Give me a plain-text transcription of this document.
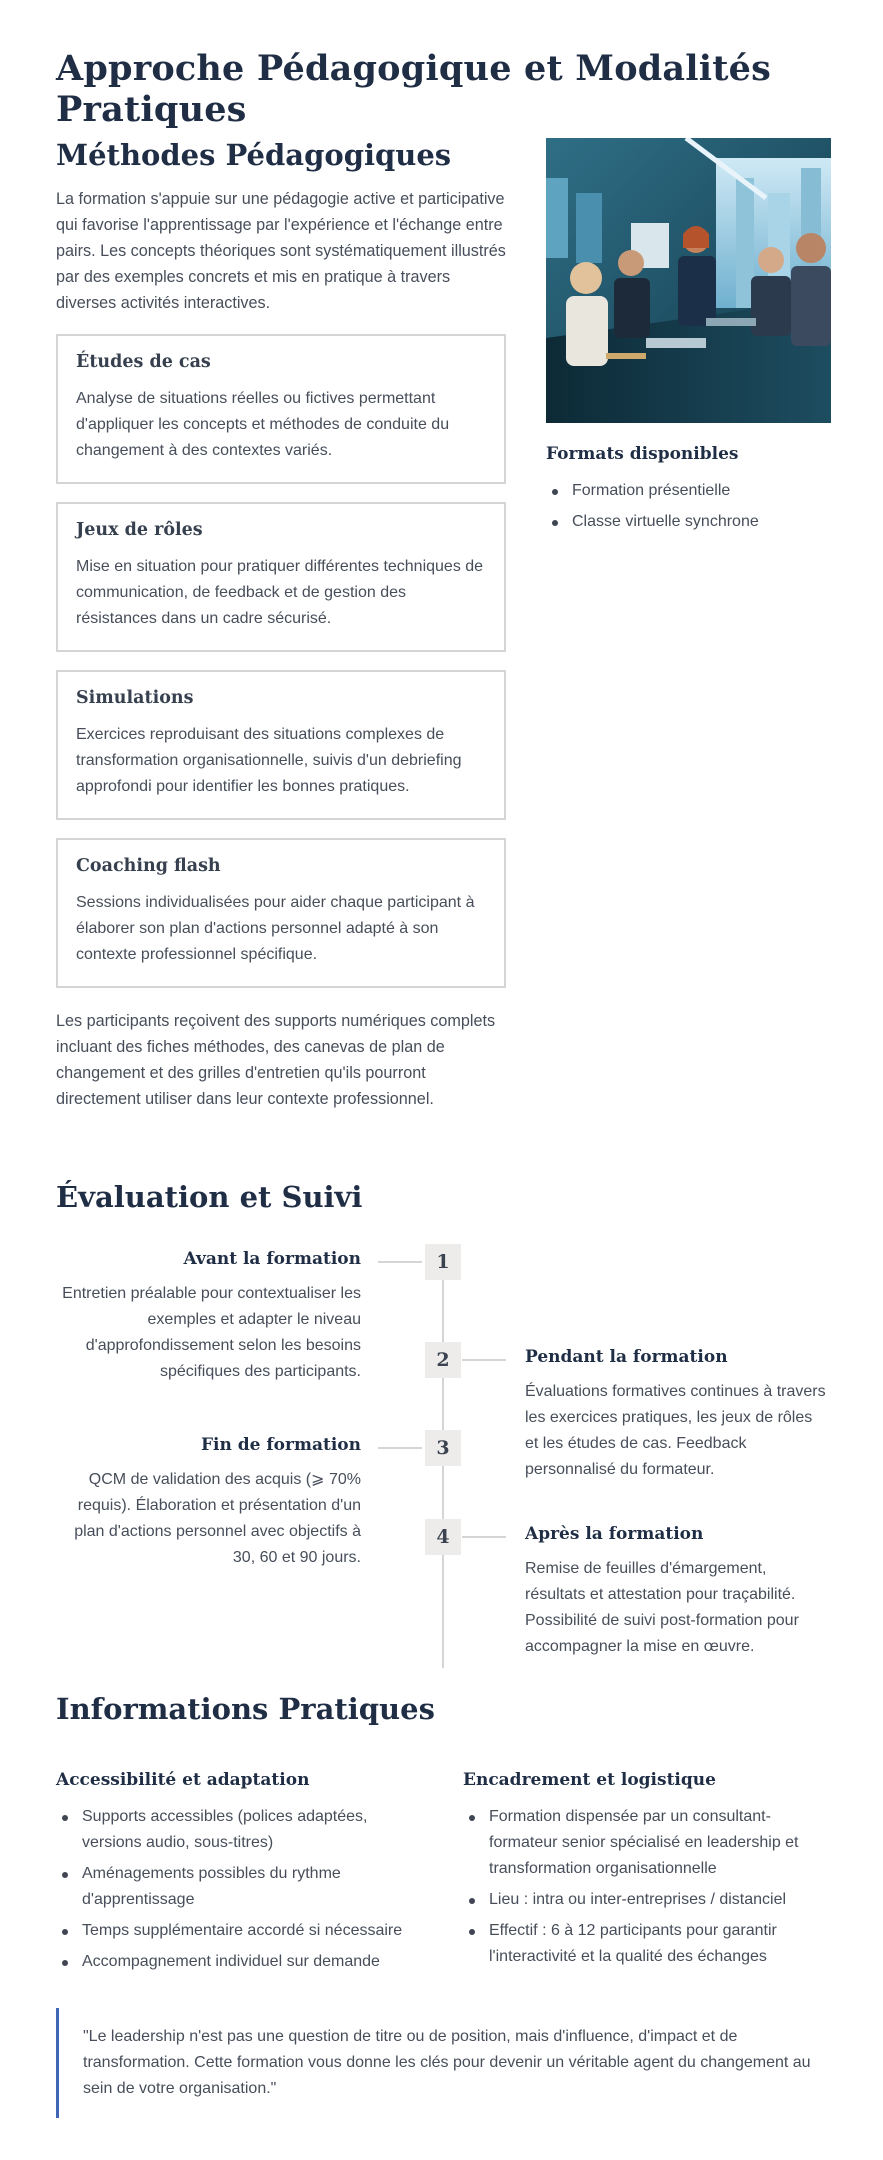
Approche Pédagogique et Modalités Pratiques
Méthodes Pédagogiques

La formation s'appuie sur une pédagogie active et participative qui favorise l'apprentissage par l'expérience et l'échange entre pairs. Les concepts théoriques sont systématiquement illustrés par des exemples concrets et mis en pratique à travers diverses activités interactives.

Études de cas

Analyse de situations réelles ou fictives permettant d'appliquer les concepts et méthodes de conduite du changement à des contextes variés.

Jeux de rôles

Mise en situation pour pratiquer différentes techniques de communication, de feedback et de gestion des résistances dans un cadre sécurisé.

Simulations

Exercices reproduisant des situations complexes de transformation organisationnelle, suivis d'un debriefing approfondi pour identifier les bonnes pratiques.

Coaching flash

Sessions individualisées pour aider chaque participant à élaborer son plan d'actions personnel adapté à son contexte professionnel spécifique.

Les participants reçoivent des supports numériques complets incluant des fiches méthodes, des canevas de plan de changement et des grilles d'entretien qu'ils pourront directement utiliser dans leur contexte professionnel.

Formats disponibles
Formation présentielle
Classe virtuelle synchrone
Évaluation et Suivi
1
Avant la formation

Entretien préalable pour contextualiser les exemples et adapter le niveau d'approfondissement selon les besoins spécifiques des participants.

2	Pendant la formation

Évaluations formatives continues à travers les exercices pratiques, les jeux de rôles et les études de cas. Feedback personnalisé du formateur.

3
Fin de formation

QCM de validation des acquis (⩾ 70% requis). Élaboration et présentation d'un plan d'actions personnel avec objectifs à 30, 60 et 90 jours.

4	Après la formation

Remise de feuilles d'émargement, résultats et attestation pour traçabilité. Possibilité de suivi post-formation pour accompagner la mise en œuvre.

Informations Pratiques
Accessibilité et adaptation
Supports accessibles (polices adaptées, versions audio, sous-titres)
Aménagements possibles du rythme d'apprentissage
Temps supplémentaire accordé si nécessaire
Accompagnement individuel sur demande
Encadrement et logistique
Formation dispensée par un consultant-formateur senior spécialisé en leadership et transformation organisationnelle
Lieu : intra ou inter-entreprises / distanciel
Effectif : 6 à 12 participants pour garantir l'interactivité et la qualité des échanges
"Le leadership n'est pas une question de titre ou de position, mais d'influence, d'impact et de transformation. Cette formation vous donne les clés pour devenir un véritable agent du changement au sein de votre organisation."
